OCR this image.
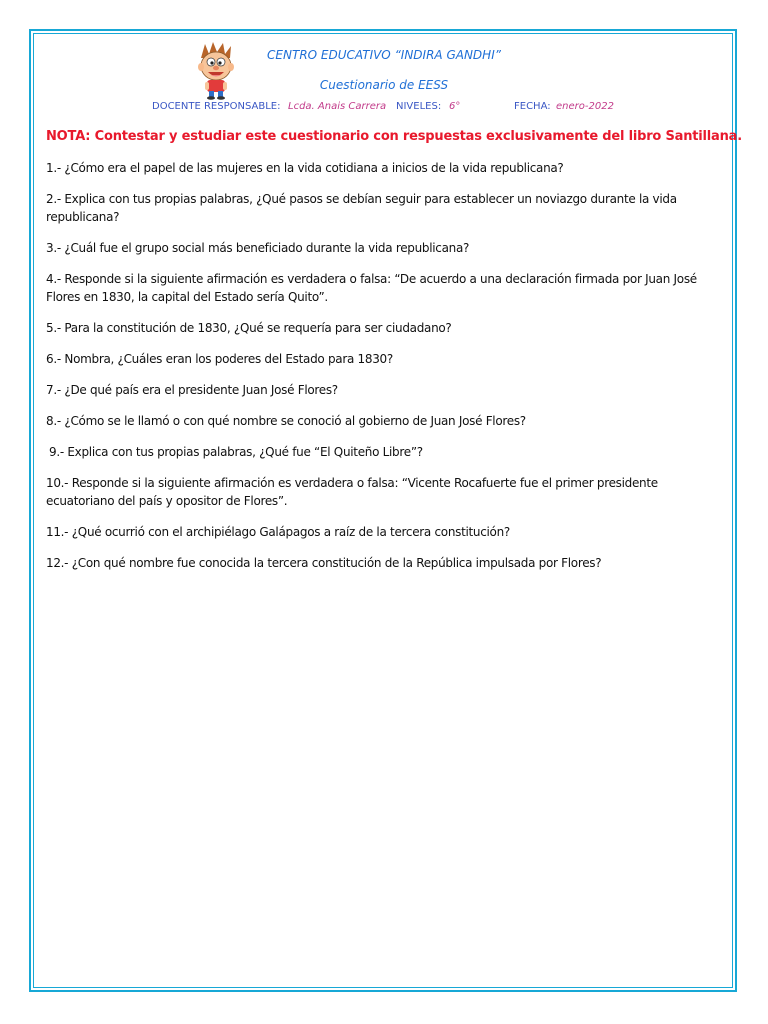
CENTRO EDUCATIVO “INDIRA GANDHI”
Cuestionario de EESS
DOCENTE RESPONSABLE: Lcda. Anais Carrera NIVELES: 6°	FECHA: enero-2022
NOTA: Contestar y estudiar este cuestionario con respuestas exclusivamente del libro Santillana.
1.- ¿Cómo era el papel de las mujeres en la vida cotidiana a inicios de la vida republicana?
2.- Explica con tus propias palabras, ¿Qué pasos se debían seguir para establecer un noviazgo durante la vida republicana?
3.- ¿Cuál fue el grupo social más beneficiado durante la vida republicana?
4.- Responde si la siguiente afirmación es verdadera o falsa: “De acuerdo a una declaración firmada por Juan José Flores en 1830, la capital del Estado sería Quito”.
5.- Para la constitución de 1830, ¿Qué se requería para ser ciudadano?
6.- Nombra, ¿Cuáles eran los poderes del Estado para 1830?
7.- ¿De qué país era el presidente Juan José Flores?
8.- ¿Cómo se le llamó o con qué nombre se conoció al gobierno de Juan José Flores?
9.- Explica con tus propias palabras, ¿Qué fue “El Quiteño Libre”?
10.- Responde si la siguiente afirmación es verdadera o falsa: “Vicente Rocafuerte fue el primer presidente ecuatoriano del país y opositor de Flores”.
11.- ¿Qué ocurrió con el archipiélago Galápagos a raíz de la tercera constitución?
12.- ¿Con qué nombre fue conocida la tercera constitución de la República impulsada por Flores?
